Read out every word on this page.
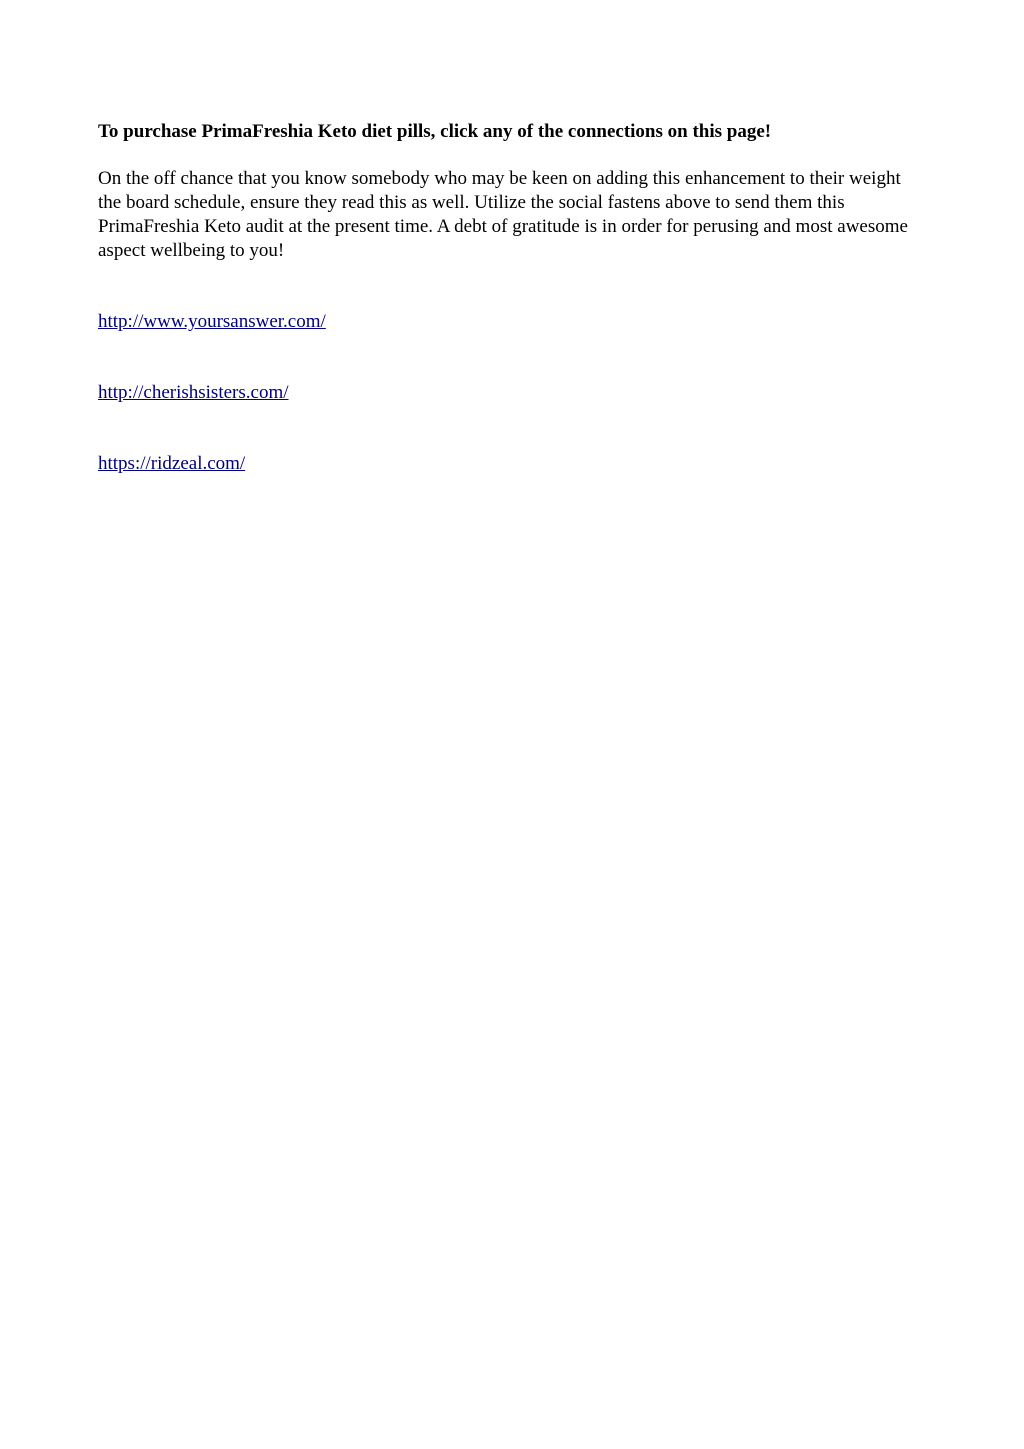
To purchase PrimaFreshia Keto diet pills, click any of the connections on this page!

On the off chance that you know somebody who may be keen on adding this enhancement to their weight the board schedule, ensure they read this as well. Utilize the social fastens above to send them this PrimaFreshia Keto audit at the present time. A debt of gratitude is in order for perusing and most awesome aspect wellbeing to you!

http://www.yoursanswer.com/
http://cherishsisters.com/
https://ridzeal.com/
